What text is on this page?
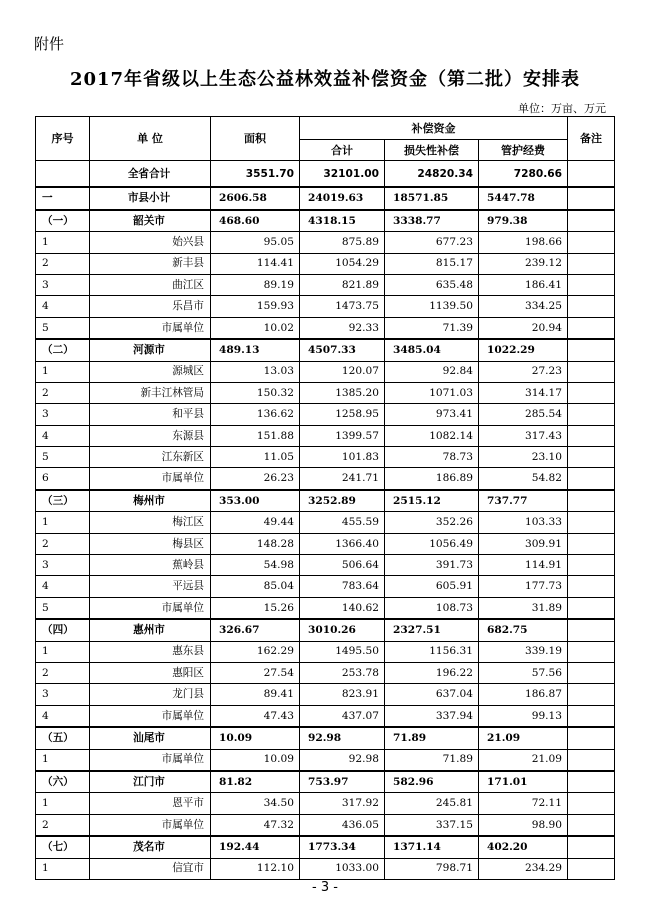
附件
2017年省级以上生态公益林效益补偿资金（第二批）安排表
单位：万亩、万元
序号	单 位	面积	补偿资金			备注
			合计	损失性补偿	管护经费	
	全省合计	3551.70	32101.00	24820.34	7280.66	
一	市县小计	2606.58	24019.63	18571.85	5447.78	
（一）	韶关市	468.60	4318.15	3338.77	979.38	
1	始兴县	95.05	875.89	677.23	198.66	
2	新丰县	114.41	1054.29	815.17	239.12	
3	曲江区	89.19	821.89	635.48	186.41	
4	乐昌市	159.93	1473.75	1139.50	334.25	
5	市属单位	10.02	92.33	71.39	20.94	
（二）	河源市	489.13	4507.33	3485.04	1022.29	
1	源城区	13.03	120.07	92.84	27.23	
2	新丰江林管局	150.32	1385.20	1071.03	314.17	
3	和平县	136.62	1258.95	973.41	285.54	
4	东源县	151.88	1399.57	1082.14	317.43	
5	江东新区	11.05	101.83	78.73	23.10	
6	市属单位	26.23	241.71	186.89	54.82	
（三）	梅州市	353.00	3252.89	2515.12	737.77	
1	梅江区	49.44	455.59	352.26	103.33	
2	梅县区	148.28	1366.40	1056.49	309.91	
3	蕉岭县	54.98	506.64	391.73	114.91	
4	平远县	85.04	783.64	605.91	177.73	
5	市属单位	15.26	140.62	108.73	31.89	
（四）	惠州市	326.67	3010.26	2327.51	682.75	
1	惠东县	162.29	1495.50	1156.31	339.19	
2	惠阳区	27.54	253.78	196.22	57.56	
3	龙门县	89.41	823.91	637.04	186.87	
4	市属单位	47.43	437.07	337.94	99.13	
（五）	汕尾市	10.09	92.98	71.89	21.09	
1	市属单位	10.09	92.98	71.89	21.09	
（六）	江门市	81.82	753.97	582.96	171.01	
1	恩平市	34.50	317.92	245.81	72.11	
2	市属单位	47.32	436.05	337.15	98.90	
（七）	茂名市	192.44	1773.34	1371.14	402.20	
1	信宜市	112.10	1033.00	798.71	234.29	
- 3 -
